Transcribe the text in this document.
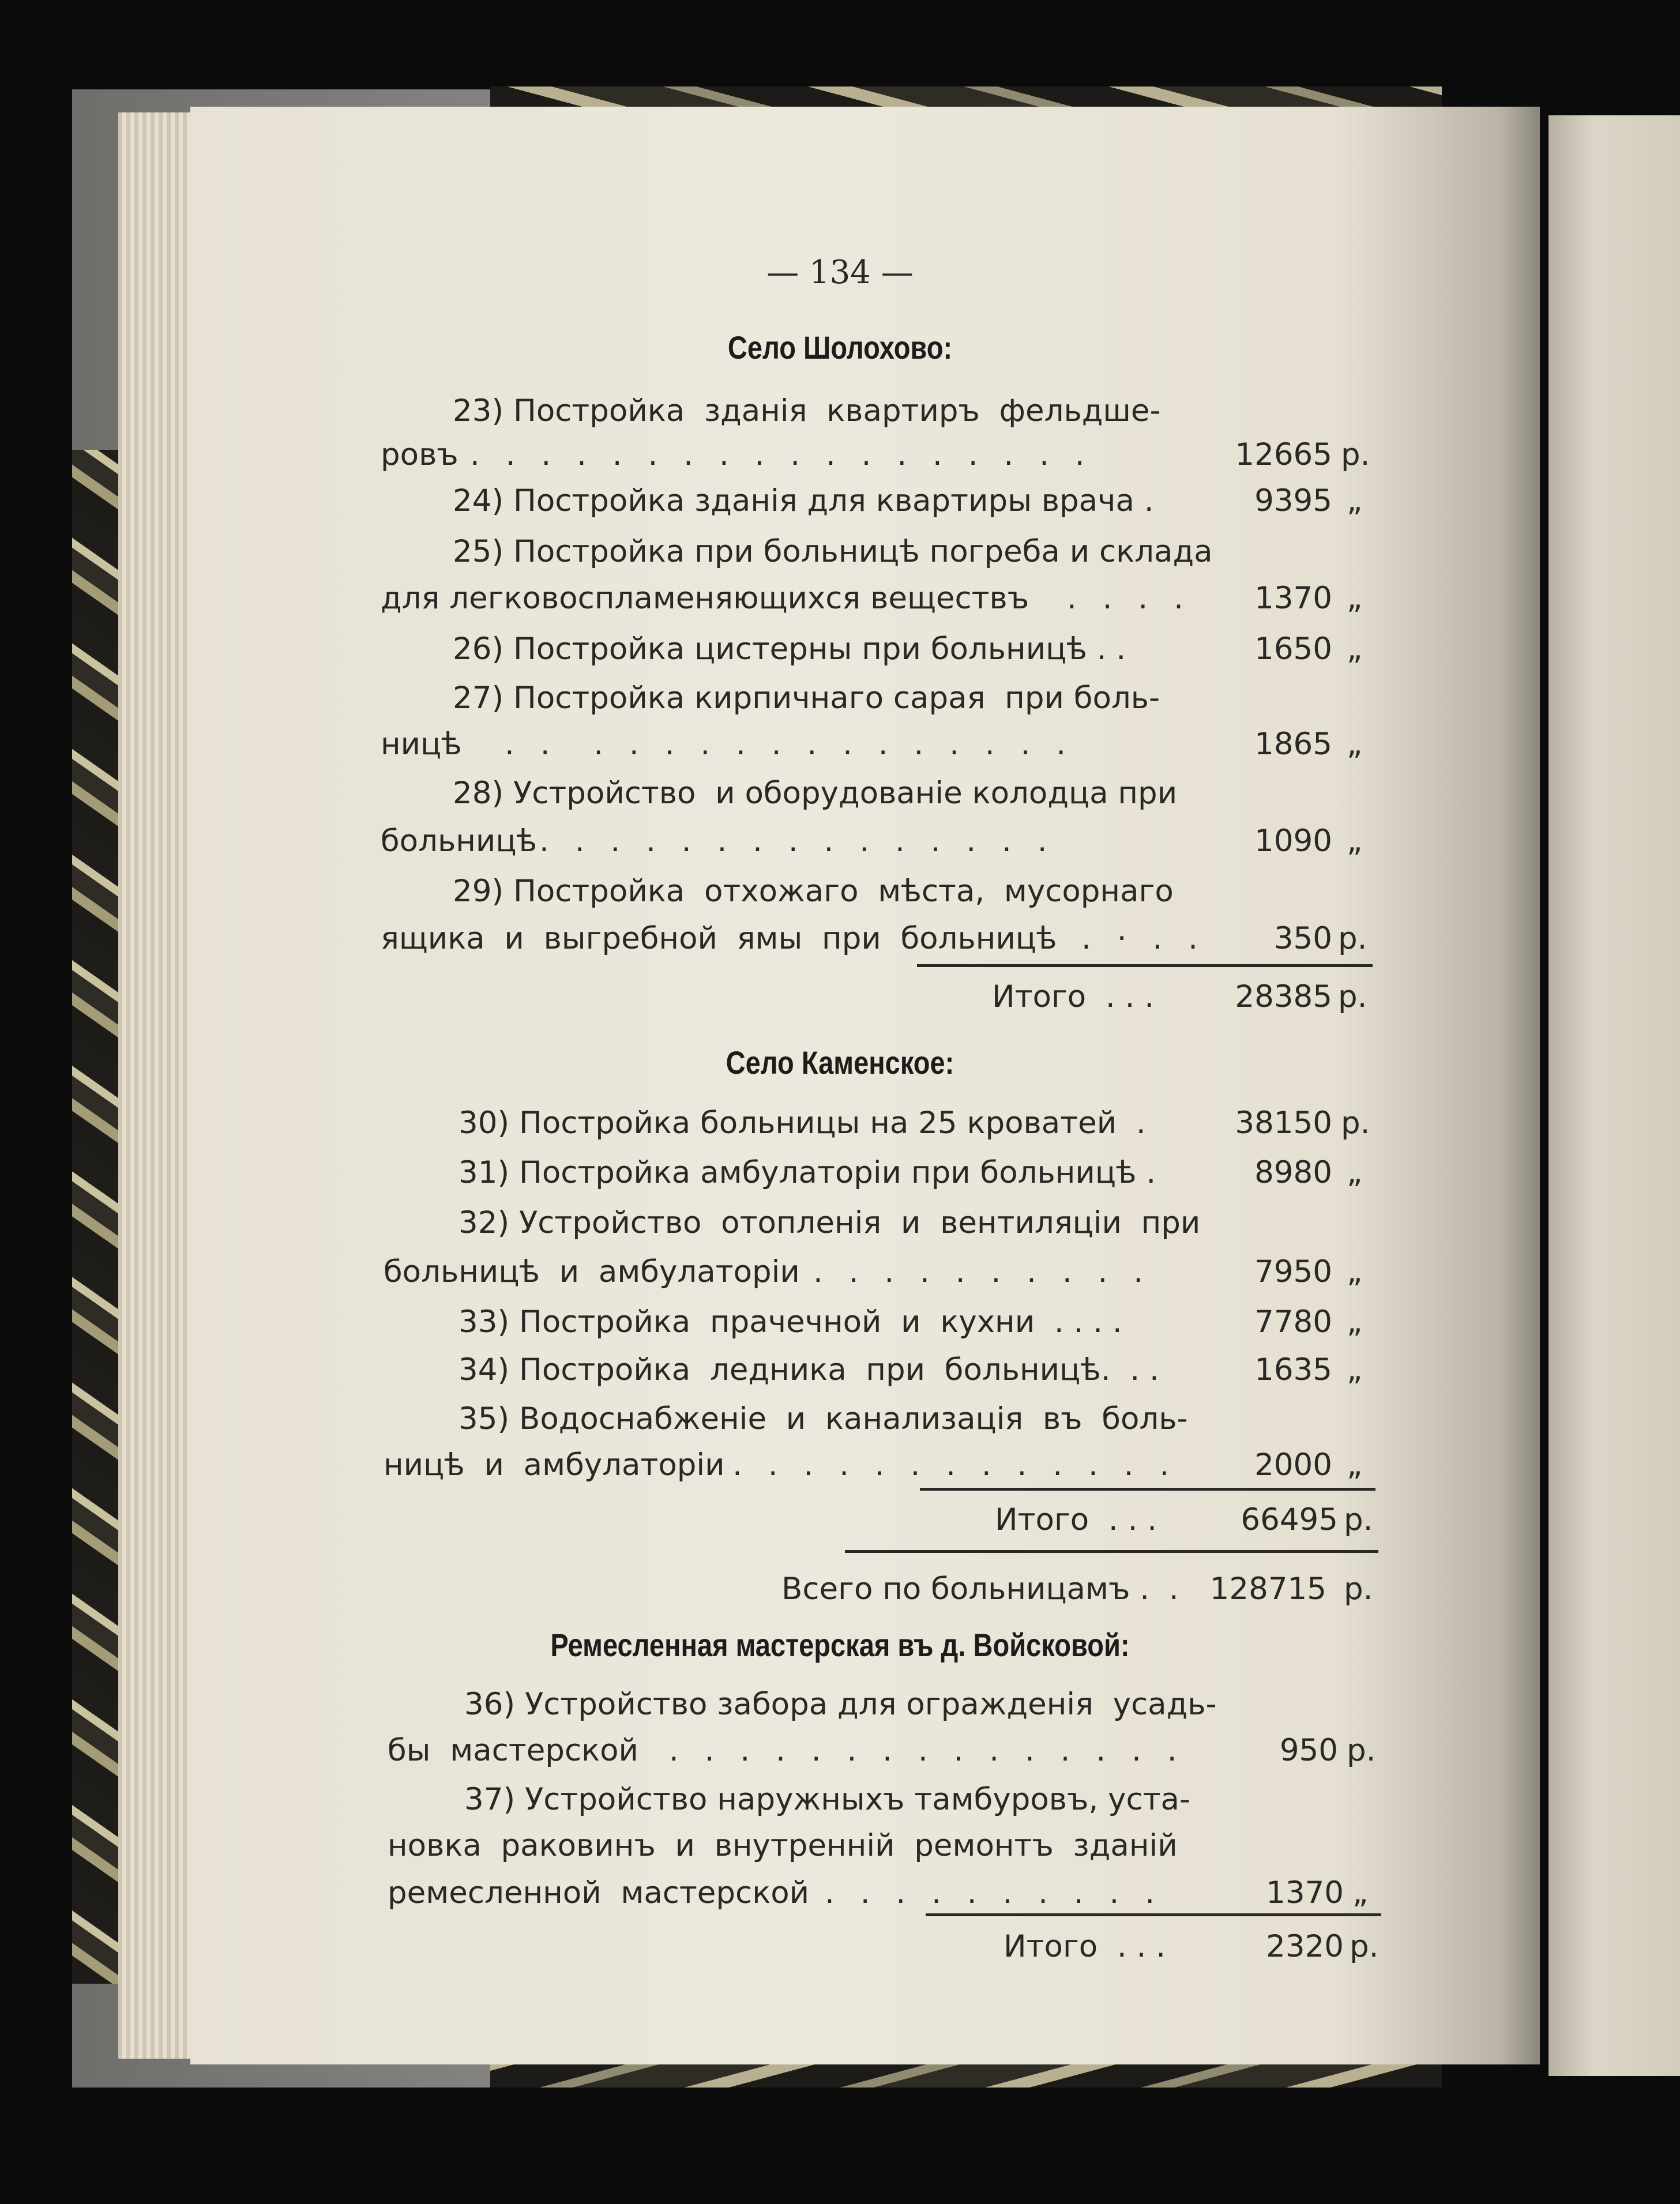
— 134 —
Село Шолохово:
23) Постройка  зданія  квартиръ  фельдше-
ровъ . . . . . . . . . . . . . . . . . .	12665 р.
24) Постройка зданія для квартиры врача .	9395 „
25) Постройка при больницѣ погреба и склада
для легковоспламеняющихся веществъ . . . .	1370 „
26) Постройка цистерны при больницѣ . .	1650 „
27) Постройка кирпичнаго сарая  при боль-
ницѣ . .  . . . . . . . . . . . . . .	1865 „
28) Устройство  и оборудованіе колодца при
больницѣ . . . . . . . . . . . . . . .	1090 „
29) Постройка  отхожаго  мѣста,  мусорнаго
ящика  и  выгребной  ямы  при  больницѣ . · . .	350 р.
Итого  . . .	28385 р.
Село Каменское:
30) Постройка больницы на 25 кроватей  .	38150 р.
31) Постройка амбулаторіи при больницѣ .	8980 „
32) Устройство  отопленія  и  вентиляціи  при
больницѣ  и  амбулаторіи . . . . . . . . . .	7950 „
33) Постройка  прачечной  и  кухни  . . . .	7780 „
34) Постройка  ледника  при  больницѣ.  . .	1635 „
35) Водоснабженіе  и  канализація  въ  боль-
ницѣ  и  амбулаторіи . . . . . . . . . . . . .	2000 „
Итого  . . .	66495 р.
Всего по больницамъ .  .	128715 р.
Ремесленная мастерская въ д. Войсковой:
36) Устройство забора для огражденія  усадь-
бы  мастерской . . . . . . . . . . . . . . .	950 р.
37) Устройство наружныхъ тамбуровъ, уста-
новка  раковинъ  и  внутренній  ремонтъ  зданій
ремесленной  мастерской . . . . . . . . . .	1370 „
Итого  . . .	2320 р.
